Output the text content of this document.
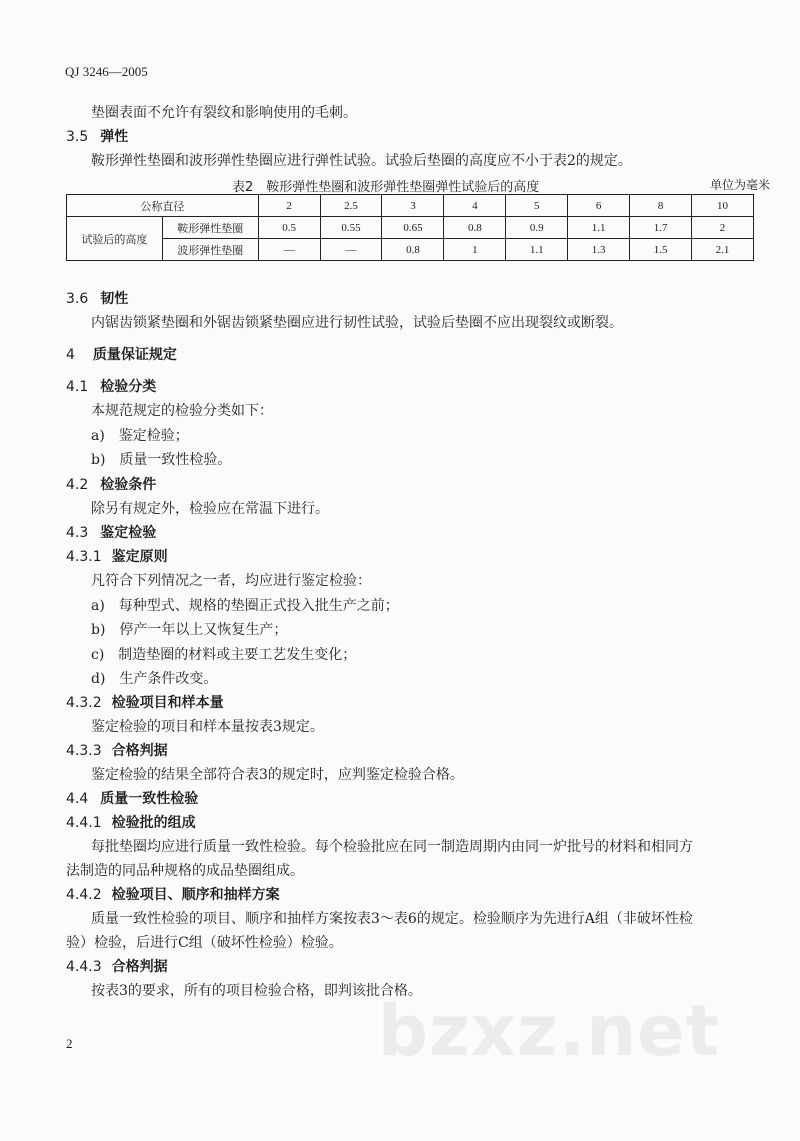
QJ 3246—2005
垫圈表面不允许有裂纹和影响使用的毛刺。
3.5 弹性
鞍形弹性垫圈和波形弹性垫圈应进行弹性试验。试验后垫圈的高度应不小于表2的规定。
表2　鞍形弹性垫圈和波形弹性垫圈弹性试验后的高度	单位为毫米
公称直径		2	2.5	3	4	5	6	8	10
试验后的高度	鞍形弹性垫圈	0.5	0.55	0.65	0.8	0.9	1.1	1.7	2
	波形弹性垫圈	—	—	0.8	1	1.1	1.3	1.5	2.1
3.6 韧性
内锯齿锁紧垫圈和外锯齿锁紧垫圈应进行韧性试验，试验后垫圈不应出现裂纹或断裂。
4 质量保证规定
4.1 检验分类
本规范规定的检验分类如下：
a)　鉴定检验；
b)　质量一致性检验。
4.2 检验条件
除另有规定外，检验应在常温下进行。
4.3 鉴定检验
4.3.1 鉴定原则
凡符合下列情况之一者，均应进行鉴定检验：
a)　每种型式、规格的垫圈正式投入批生产之前；
b)　停产一年以上又恢复生产；
c)　制造垫圈的材料或主要工艺发生变化；
d)　生产条件改变。
4.3.2 检验项目和样本量
鉴定检验的项目和样本量按表3规定。
4.3.3 合格判据
鉴定检验的结果全部符合表3的规定时，应判鉴定检验合格。
4.4 质量一致性检验
4.4.1 检验批的组成
每批垫圈均应进行质量一致性检验。每个检验批应在同一制造周期内由同一炉批号的材料和相同方
法制造的同品种规格的成品垫圈组成。
4.4.2 检验项目、顺序和抽样方案
质量一致性检验的项目、顺序和抽样方案按表3～表6的规定。检验顺序为先进行A组（非破坏性检
验）检验，后进行C组（破坏性检验）检验。
4.4.3 合格判据
按表3的要求，所有的项目检验合格，即判该批合格。
bzxz.net
2
